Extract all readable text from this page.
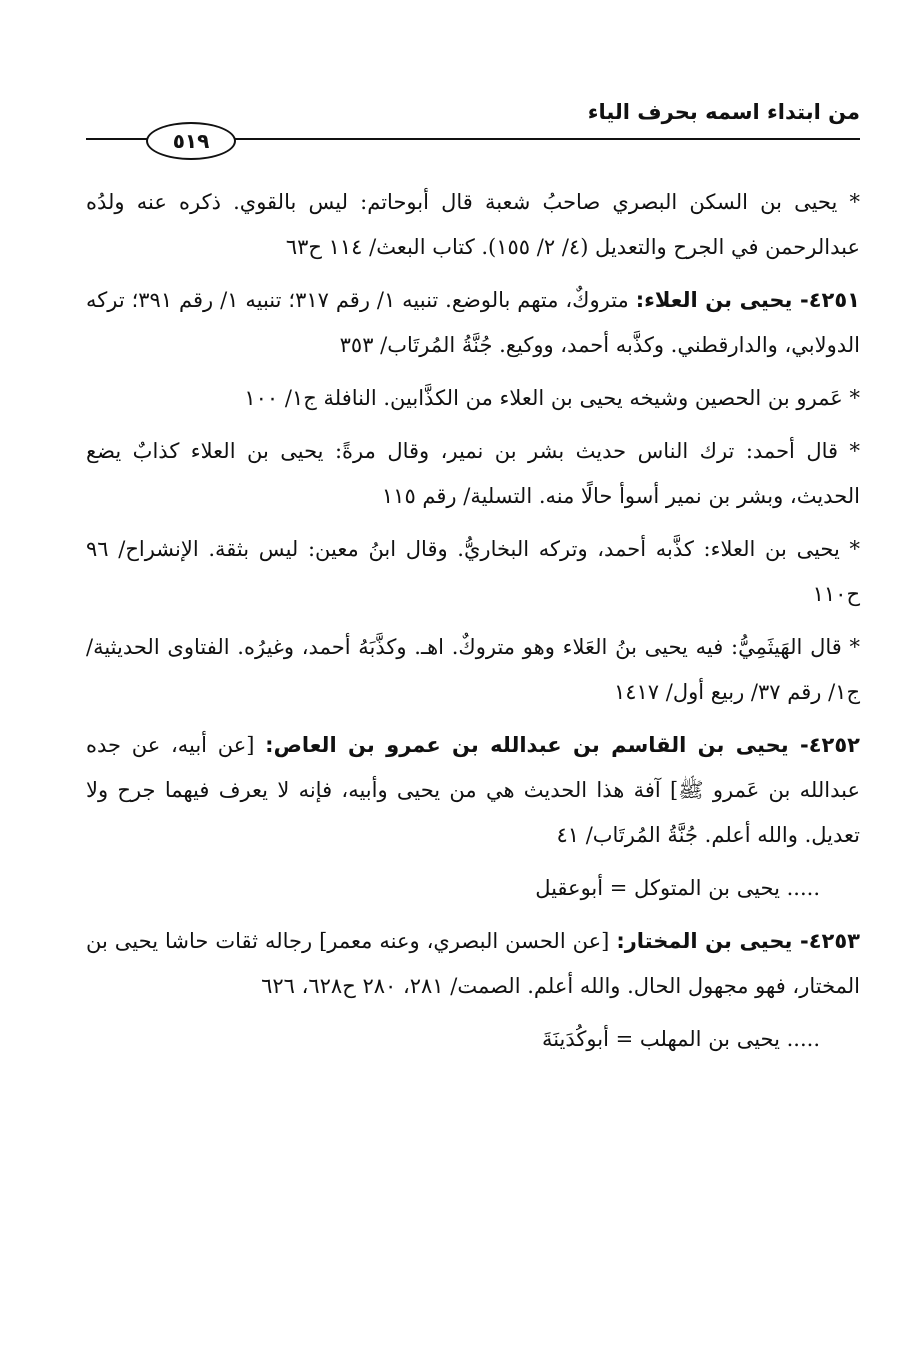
من ابتداء اسمه بحرف الياء
٥١٩

* يحيى بن السكن البصري صاحبُ شعبة قال أبوحاتم: ليس بالقوي. ذكره عنه ولدُه عبدالرحمن في الجرح والتعديل (٤/ ٢/ ١٥٥). كتاب البعث/ ١١٤ ح٦٣

٤٢٥١- يحيى بن العلاء: متروكٌ، متهم بالوضع. تنبيه ١/ رقم ٣١٧؛ تنبيه ١/ رقم ٣٩١؛ تركه الدولابي، والدارقطني. وكذَّبه أحمد، ووكيع. جُنَّةُ المُرتَاب/ ٣٥٣

* عَمرو بن الحصين وشيخه يحيى بن العلاء من الكذَّابين. النافلة ج١/ ١٠٠

* قال أحمد: ترك الناس حديث بشر بن نمير، وقال مرةً: يحيى بن العلاء كذابٌ يضع الحديث، وبشر بن نمير أسوأ حالًا منه. التسلية/ رقم ١١٥

* يحيى بن العلاء: كذَّبه أحمد، وتركه البخاريُّ. وقال ابنُ معين: ليس بثقة. الإنشراح/ ٩٦ ح١١٠

* قال الهَيثَمِيُّ: فيه يحيى بنُ العَلاء وهو متروكٌ. اهـ. وكذَّبَهُ أحمد، وغيرُه. الفتاوى الحديثية/ ج١/ رقم ٣٧/ ربيع أول/ ١٤١٧

٤٢٥٢- يحيى بن القاسم بن عبدالله بن عمرو بن العاص: [عن أبيه، عن جده عبدالله بن عَمرو ﷺ] آفة هذا الحديث هي من يحيى وأبيه، فإنه لا يعرف فيهما جرح ولا تعديل. والله أعلم. جُنَّةُ المُرتَاب/ ٤١

..... يحيى بن المتوكل = أبوعقيل

٤٢٥٣- يحيى بن المختار: [عن الحسن البصري، وعنه معمر] رجاله ثقات حاشا يحيى بن المختار، فهو مجهول الحال. والله أعلم. الصمت/ ٢٨١، ٢٨٠ ح٦٢٨، ٦٢٦

..... يحيى بن المهلب = أبوكُدَينَةَ
